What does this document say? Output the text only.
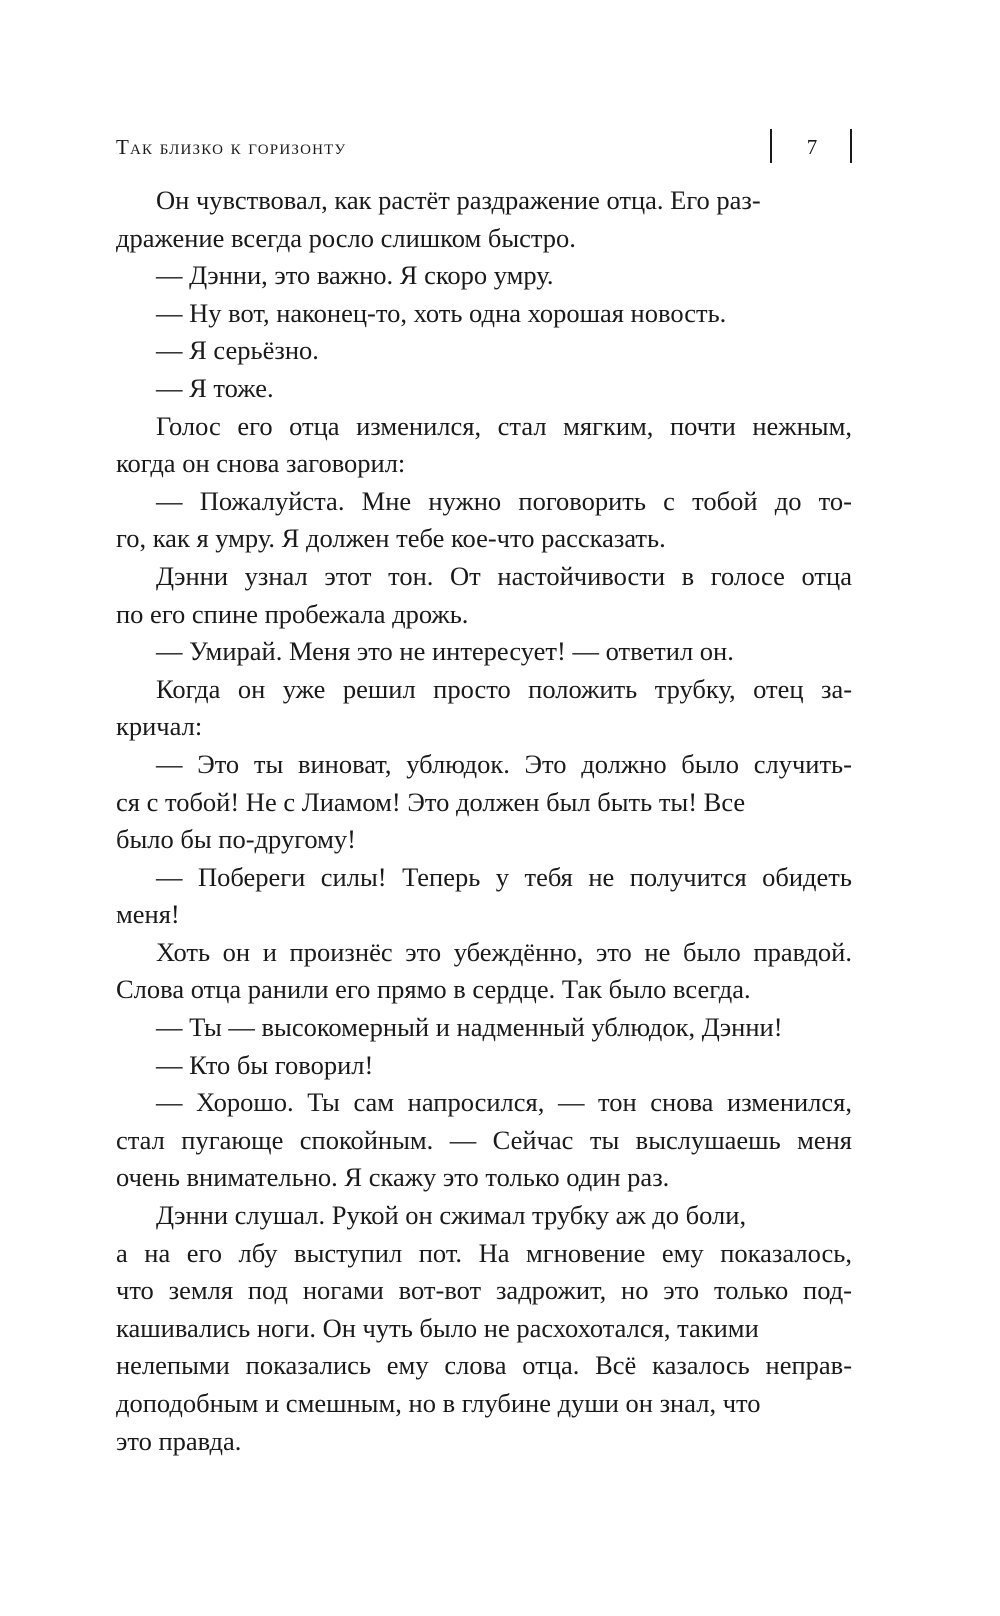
Так близко к горизонту	7

Он чувствовал, как растёт раздражение отца. Его раз-

дражение всегда росло слишком быстро.

— Дэнни, это важно. Я скоро умру.

— Ну вот, наконец-то, хоть одна хорошая новость.

— Я серьёзно.

— Я тоже.

Голос его отца изменился, стал мягким, почти нежным,

когда он снова заговорил:

— Пожалуйста. Мне нужно поговорить с тобой до то-

го, как я умру. Я должен тебе кое-что рассказать.

Дэнни узнал этот тон. От настойчивости в голосе отца

по его спине пробежала дрожь.

— Умирай. Меня это не интересует! — ответил он.

Когда он уже решил просто положить трубку, отец за-

кричал:

— Это ты виноват, ублюдок. Это должно было случить-

ся с тобой! Не с Лиамом! Это должен был быть ты! Все

было бы по-другому!

— Побереги силы! Теперь у тебя не получится обидеть

меня!

Хоть он и произнёс это убеждённо, это не было правдой.

Слова отца ранили его прямо в сердце. Так было всегда.

— Ты — высокомерный и надменный ублюдок, Дэнни!

— Кто бы говорил!

— Хорошо. Ты сам напросился, — тон снова изменился,

стал пугающе спокойным. — Сейчас ты выслушаешь меня

очень внимательно. Я скажу это только один раз.

Дэнни слушал. Рукой он сжимал трубку аж до боли,

а на его лбу выступил пот. На мгновение ему показалось,

что земля под ногами вот-вот задрожит, но это только под-

кашивались ноги. Он чуть было не расхохотался, такими

нелепыми показались ему слова отца. Всё казалось неправ-

доподобным и смешным, но в глубине души он знал, что

это правда.
